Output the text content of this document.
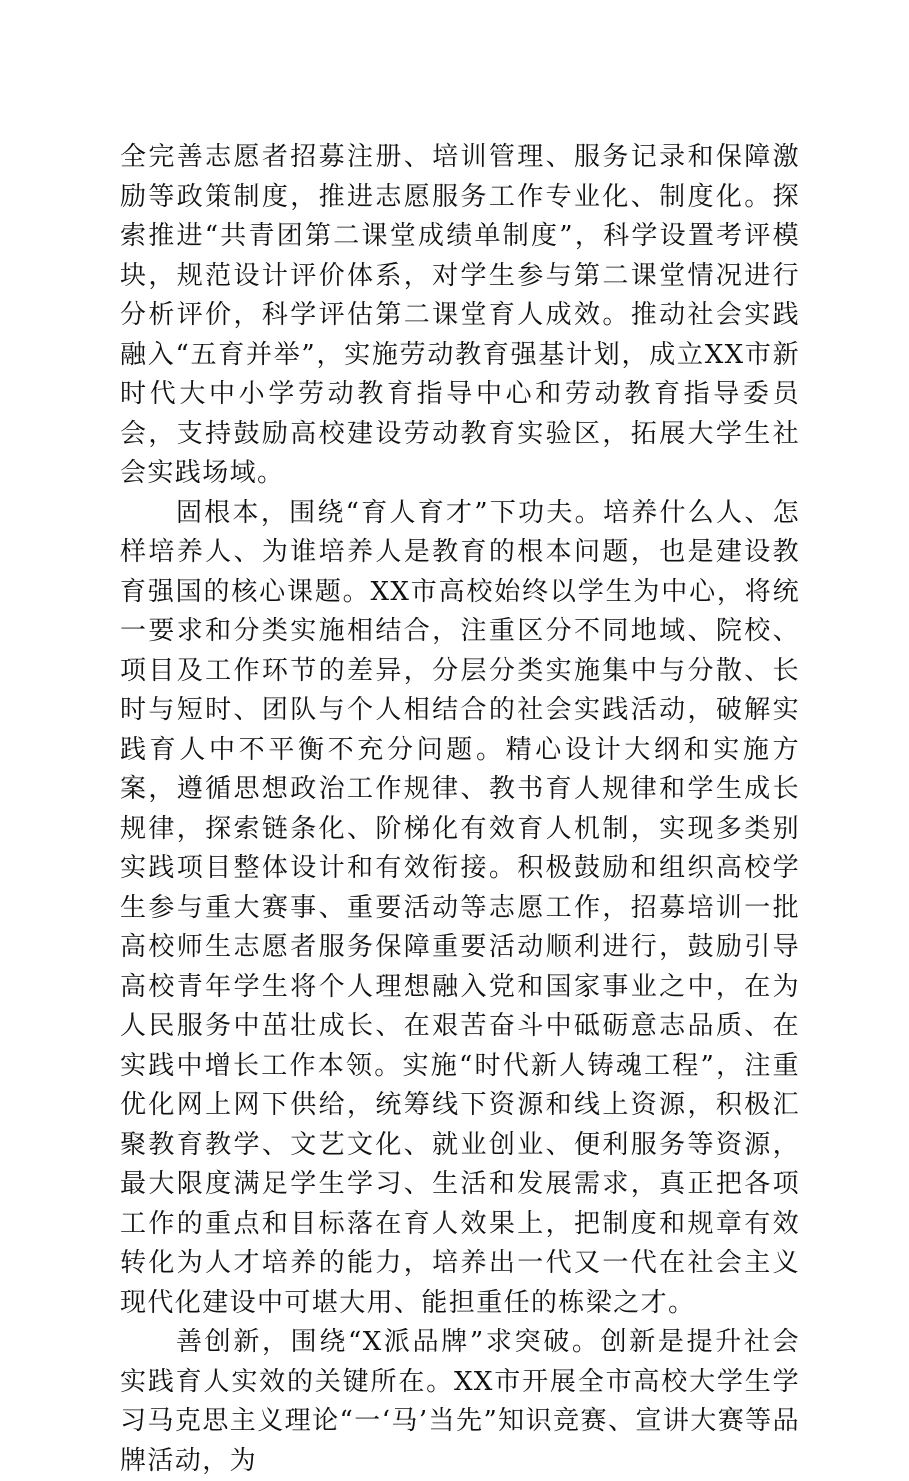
全完善志愿者招募注册、培训管理、服务记录和保障激励等政策制度，推进志愿服务工作专业化、制度化。探索推进“共青团第二课堂成绩单制度”，科学设置考评模块，规范设计评价体系，对学生参与第二课堂情况进行分析评价，科学评估第二课堂育人成效。推动社会实践融入“五育并举”，实施劳动教育强基计划，成立XX市新时代大中小学劳动教育指导中心和劳动教育指导委员会，支持鼓励高校建设劳动教育实验区，拓展大学生社会实践场域。

固根本，围绕“育人育才”下功夫。培养什么人、怎样培养人、为谁培养人是教育的根本问题，也是建设教育强国的核心课题。XX市高校始终以学生为中心，将统一要求和分类实施相结合，注重区分不同地域、院校、项目及工作环节的差异，分层分类实施集中与分散、长时与短时、团队与个人相结合的社会实践活动，破解实践育人中不平衡不充分问题。精心设计大纲和实施方案，遵循思想政治工作规律、教书育人规律和学生成长规律，探索链条化、阶梯化有效育人机制，实现多类别实践项目整体设计和有效衔接。积极鼓励和组织高校学生参与重大赛事、重要活动等志愿工作，招募培训一批高校师生志愿者服务保障重要活动顺利进行，鼓励引导高校青年学生将个人理想融入党和国家事业之中，在为人民服务中茁壮成长、在艰苦奋斗中砥砺意志品质、在实践中增长工作本领。实施“时代新人铸魂工程”，注重优化网上网下供给，统筹线下资源和线上资源，积极汇聚教育教学、文艺文化、就业创业、便利服务等资源，最大限度满足学生学习、生活和发展需求，真正把各项工作的重点和目标落在育人效果上，把制度和规章有效转化为人才培养的能力，培养出一代又一代在社会主义现代化建设中可堪大用、能担重任的栋梁之才。

善创新，围绕“X派品牌”求突破。创新是提升社会实践育人实效的关键所在。XX市开展全市高校大学生学习马克思主义理论“一‘马’当先”知识竞赛、宣讲大赛等品牌活动，为
